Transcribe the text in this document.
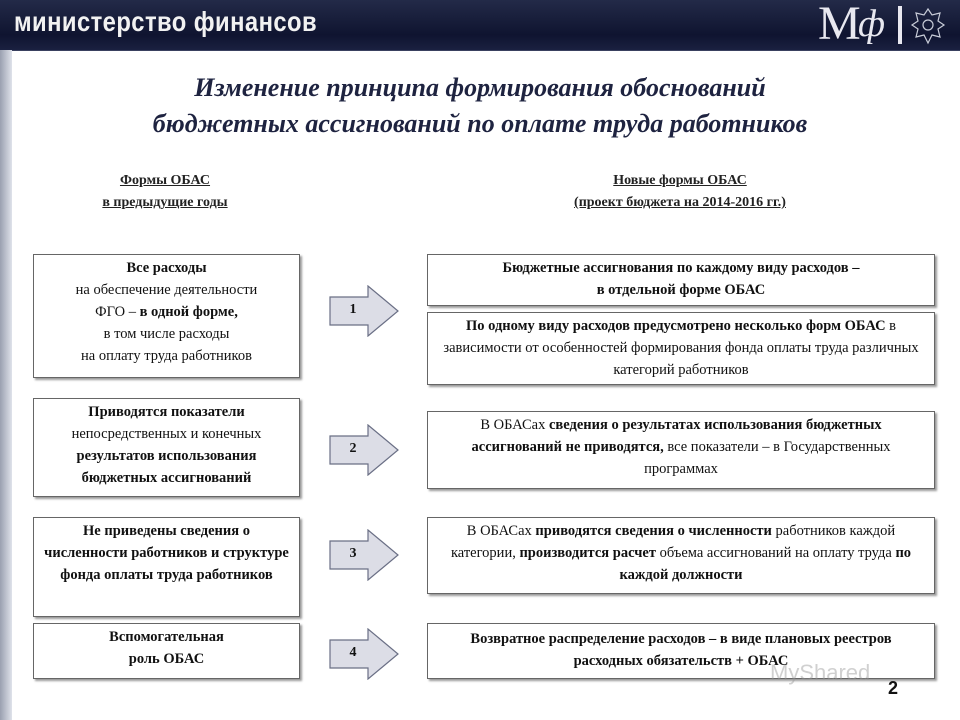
министерство финансов	М
ф
Изменение принципа формирования обоснований
бюджетных ассигнований по оплате труда работников
Формы ОБАС
в предыдущие годы
Новые формы ОБАС
(проект бюджета на 2014-2016 гг.)
Все расходы
на обеспечение деятельности
ФГО – в одной форме,
в том числе расходы
на оплату труда работников
1
Бюджетные ассигнования по каждому виду расходов –
в отдельной форме ОБАС
По одному виду расходов предусмотрено несколько форм ОБАС в зависимости от особенностей формирования фонда оплаты труда различных категорий работников
Приводятся показатели
непосредственных и конечных
результатов использования бюджетных ассигнований
2
В ОБАСах сведения о результатах использования бюджетных ассигнований не приводятся, все показатели – в Государственных программах
Не приведены сведения о численности работников и структуре фонда оплаты труда работников
3
В ОБАСах приводятся сведения о численности работников каждой категории, производится расчет объема ассигнований на оплату труда по каждой должности
Вспомогательная
роль ОБАС	4
Возвратное распределение расходов – в виде плановых реестров расходных обязательств + ОБАС
MyShared
2
